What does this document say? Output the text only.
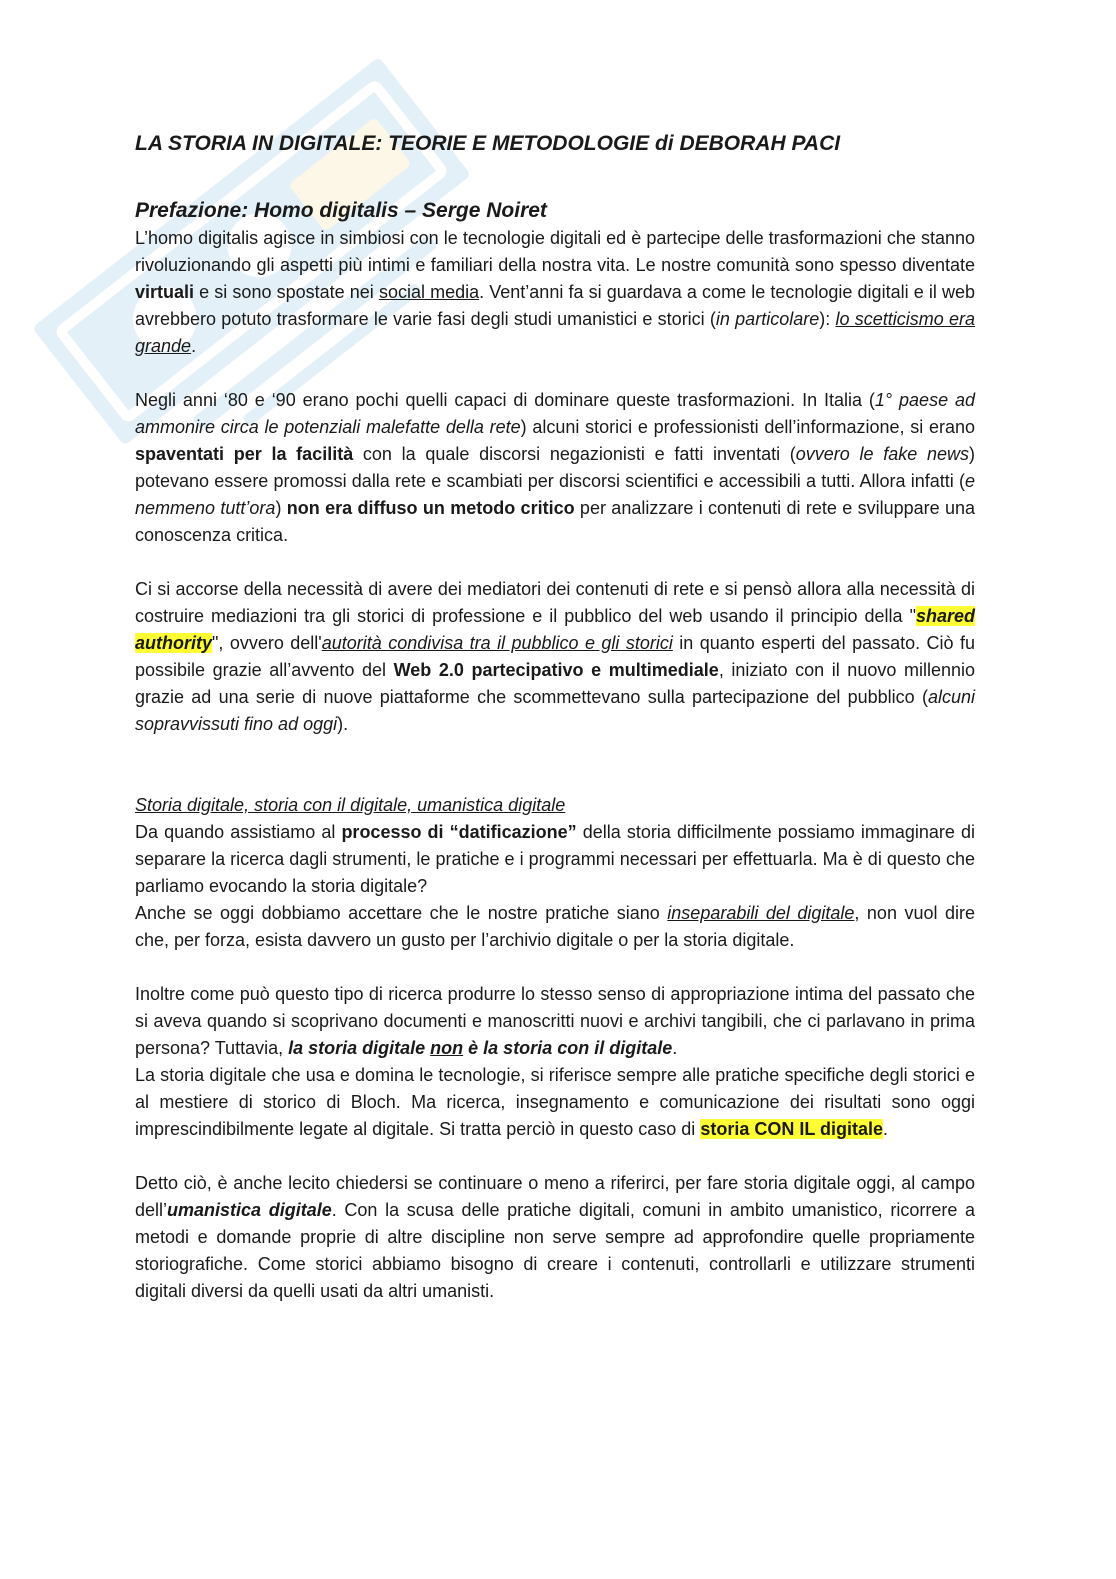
LA STORIA IN DIGITALE: TEORIE E METODOLOGIE di DEBORAH PACI
Prefazione: Homo digitalis – Serge Noiret

L’homo digitalis agisce in simbiosi con le tecnologie digitali ed è partecipe delle trasformazioni che stanno rivoluzionando gli aspetti più intimi e familiari della nostra vita. Le nostre comunità sono spesso diventate virtuali e si sono spostate nei social media. Vent’anni fa si guardava a come le tecnologie digitali e il web avrebbero potuto trasformare le varie fasi degli studi umanistici e storici (in particolare): lo scetticismo era grande.

Negli anni ‘80 e ‘90 erano pochi quelli capaci di dominare queste trasformazioni. In Italia (1° paese ad ammonire circa le potenziali malefatte della rete) alcuni storici e professionisti dell’informazione, si erano spaventati per la facilità con la quale discorsi negazionisti e fatti inventati (ovvero le fake news) potevano essere promossi dalla rete e scambiati per discorsi scientifici e accessibili a tutti. Allora infatti (e nemmeno tutt’ora) non era diffuso un metodo critico per analizzare i contenuti di rete e sviluppare una conoscenza critica.

Ci si accorse della necessità di avere dei mediatori dei contenuti di rete e si pensò allora alla necessità di costruire mediazioni tra gli storici di professione e il pubblico del web usando il principio della "shared authority", ovvero dell'autorità condivisa tra il pubblico e gli storici in quanto esperti del passato. Ciò fu possibile grazie all’avvento del Web 2.0 partecipativo e multimediale, iniziato con il nuovo millennio grazie ad una serie di nuove piattaforme che scommettevano sulla partecipazione del pubblico (alcuni sopravvissuti fino ad oggi).

Storia digitale, storia con il digitale, umanistica digitale

Da quando assistiamo al processo di “datificazione” della storia difficilmente possiamo immaginare di separare la ricerca dagli strumenti, le pratiche e i programmi necessari per effettuarla. Ma è di questo che parliamo evocando la storia digitale?

Anche se oggi dobbiamo accettare che le nostre pratiche siano inseparabili del digitale, non vuol dire che, per forza, esista davvero un gusto per l’archivio digitale o per la storia digitale.

Inoltre come può questo tipo di ricerca produrre lo stesso senso di appropriazione intima del passato che si aveva quando si scoprivano documenti e manoscritti nuovi e archivi tangibili, che ci parlavano in prima persona? Tuttavia, la storia digitale non è la storia con il digitale.

La storia digitale che usa e domina le tecnologie, si riferisce sempre alle pratiche specifiche degli storici e al mestiere di storico di Bloch. Ma ricerca, insegnamento e comunicazione dei risultati sono oggi imprescindibilmente legate al digitale. Si tratta perciò in questo caso di storia CON IL digitale.

Detto ciò, è anche lecito chiedersi se continuare o meno a riferirci, per fare storia digitale oggi, al campo dell’umanistica digitale. Con la scusa delle pratiche digitali, comuni in ambito umanistico, ricorrere a metodi e domande proprie di altre discipline non serve sempre ad approfondire quelle propriamente storiografiche. Come storici abbiamo bisogno di creare i contenuti, controllarli e utilizzare strumenti digitali diversi da quelli usati da altri umanisti.
